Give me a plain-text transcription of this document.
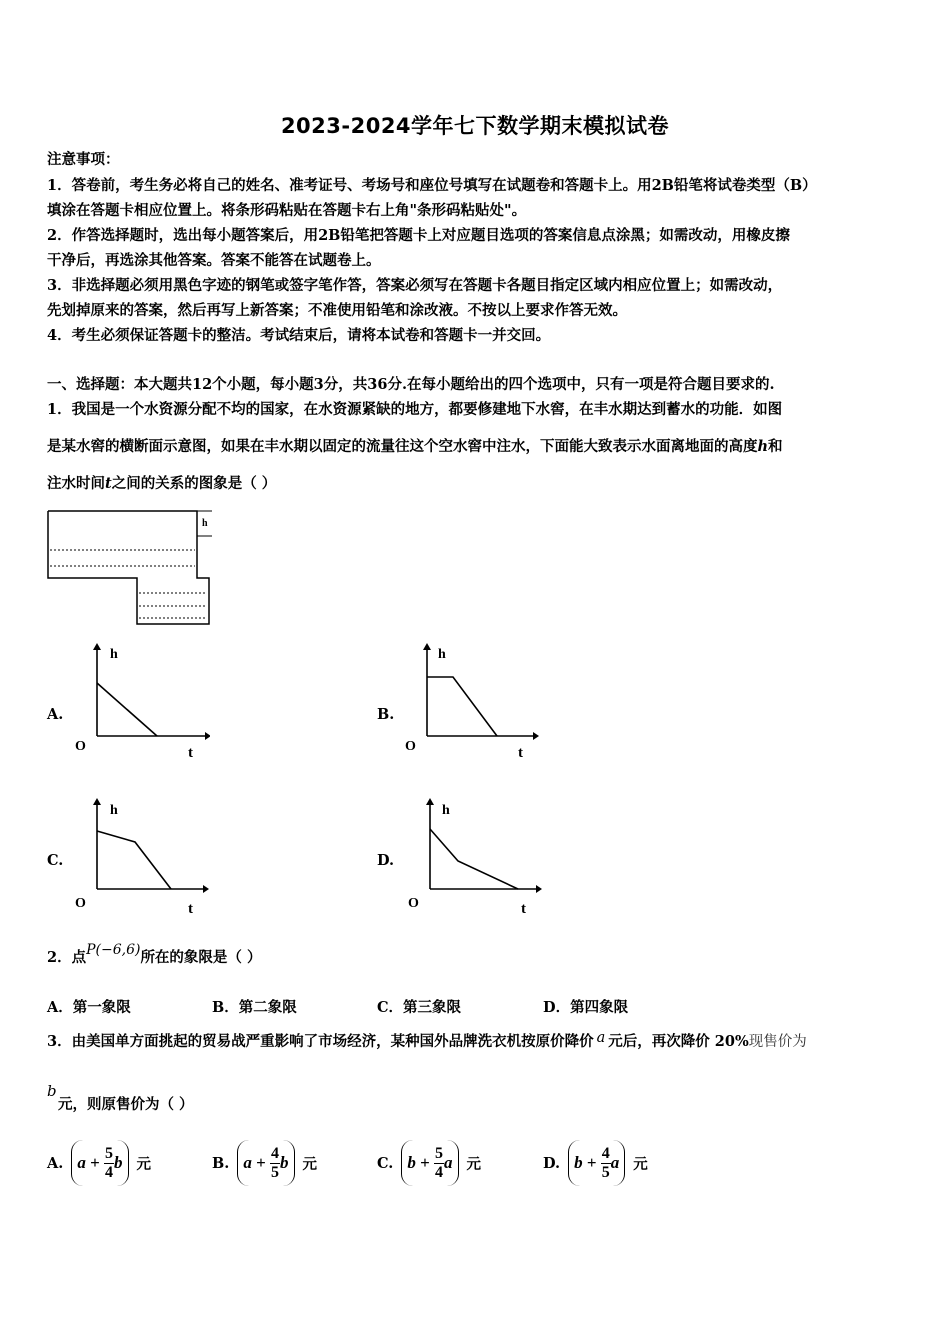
2023-2024学年七下数学期末模拟试卷
注意事项：
1．答卷前，考生务必将自己的姓名、准考证号、考场号和座位号填写在试题卷和答题卡上。用2B铅笔将试卷类型（B）
填涂在答题卡相应位置上。将条形码粘贴在答题卡右上角"条形码粘贴处"。
2．作答选择题时，选出每小题答案后，用2B铅笔把答题卡上对应题目选项的答案信息点涂黑；如需改动，用橡皮擦
干净后，再选涂其他答案。答案不能答在试题卷上。
3．非选择题必须用黑色字迹的钢笔或签字笔作答，答案必须写在答题卡各题目指定区域内相应位置上；如需改动，
先划掉原来的答案，然后再写上新答案；不准使用铅笔和涂改液。不按以上要求作答无效。
4．考生必须保证答题卡的整洁。考试结束后，请将本试卷和答题卡一并交回。
一、选择题：本大题共12个小题，每小题3分，共36分.在每小题给出的四个选项中，只有一项是符合题目要求的.
1．我国是一个水资源分配不均的国家，在水资源紧缺的地方，都要修建地下水窖，在丰水期达到蓄水的功能．如图
是某水窖的横断面示意图，如果在丰水期以固定的流量往这个空水窖中注水，下面能大致表示水面离地面的高度h和
注水时间t之间的关系的图象是（ ）
h
A.
h
t
O
B.
h
t
O
C.
h
t
O
D.
h
t
O
2．点P(−6,6)所在的象限是（ ）
A．第一象限	B．第二象限	C．第三象限	D．第四象限
3．由美国单方面挑起的贸易战严重影响了市场经济，某种国外品牌洗衣机按原价降价 a 元后，再次降价 20%现售价为
b
元，则原售价为（ ）
A. $a + \frac{5}{4}$ b 元	B. $a + \frac{4}{5}$ b 元	C. $b + \frac{5}{4}$ a 元	D. $b + \frac{4}{5}$ a 元
